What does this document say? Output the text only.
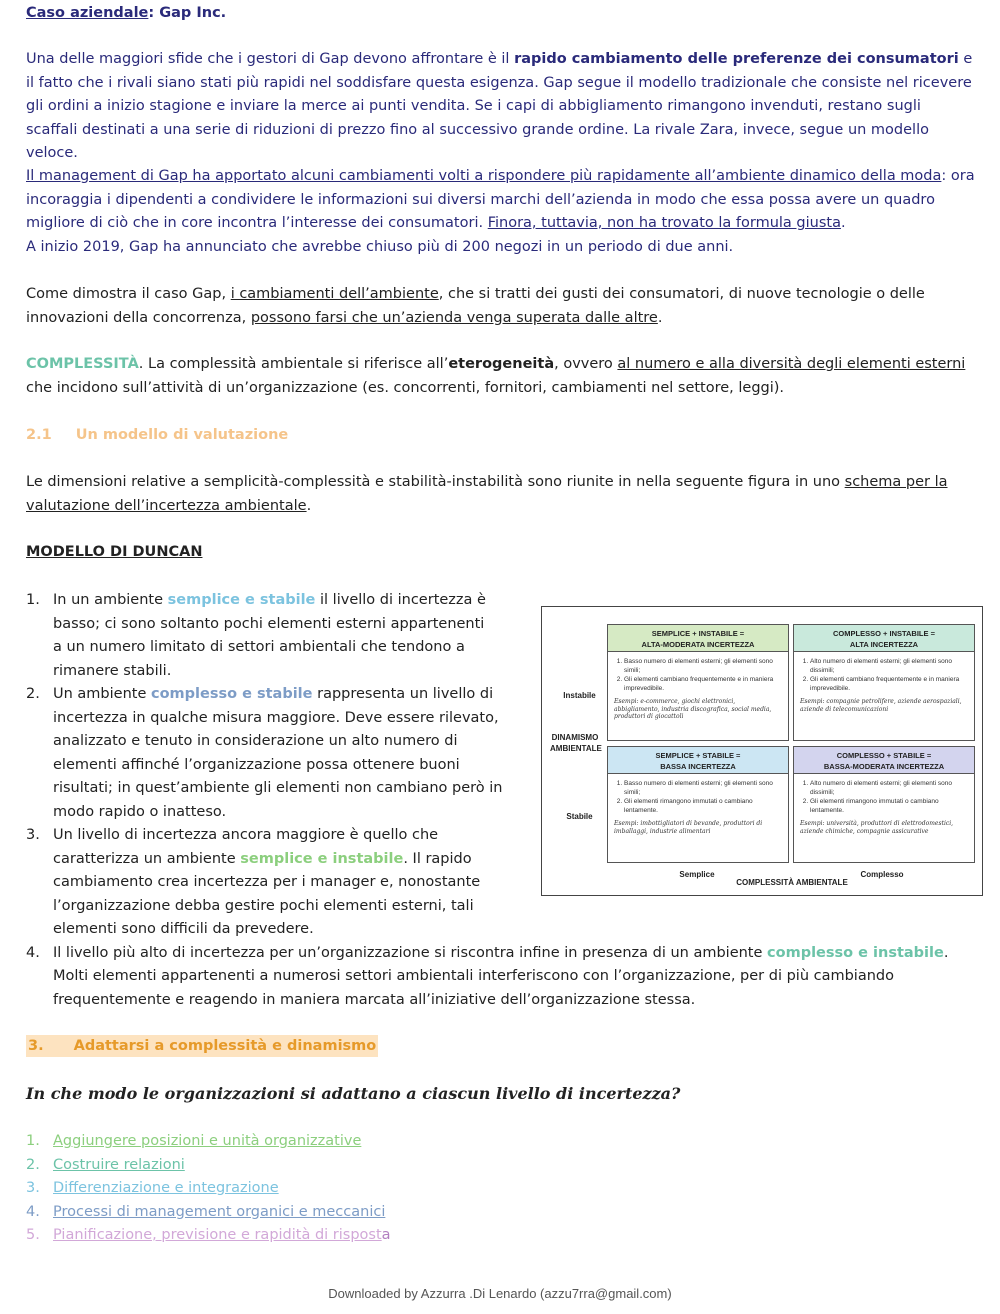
Caso aziendale: Gap Inc.

Una delle maggiori sfide che i gestori di Gap devono affrontare è il rapido cambiamento delle preferenze dei consumatori e il fatto che i rivali siano stati più rapidi nel soddisfare questa esigenza. Gap segue il modello tradizionale che consiste nel ricevere gli ordini a inizio stagione e inviare la merce ai punti vendita. Se i capi di abbigliamento rimangono invenduti, restano sugli scaffali destinati a una serie di riduzioni di prezzo fino al successivo grande ordine. La rivale Zara, invece, segue un modello veloce.

Il management di Gap ha apportato alcuni cambiamenti volti a rispondere più rapidamente all’ambiente dinamico della moda: ora incoraggia i dipendenti a condividere le informazioni sui diversi marchi dell’azienda in modo che essa possa avere un quadro migliore di ciò che in core incontra l’interesse dei consumatori. Finora, tuttavia, non ha trovato la formula giusta.

A inizio 2019, Gap ha annunciato che avrebbe chiuso più di 200 negozi in un periodo di due anni.

Come dimostra il caso Gap, i cambiamenti dell’ambiente, che si tratti dei gusti dei consumatori, di nuove tecnologie o delle innovazioni della concorrenza, possono farsi che un’azienda venga superata dalle altre.

COMPLESSITÀ. La complessità ambientale si riferisce all’eterogeneità, ovvero al numero e alla diversità degli elementi esterni che incidono sull’attività di un’organizzazione (es. concorrenti, fornitori, cambiamenti nel settore, leggi).

2.1 Un modello di valutazione

Le dimensioni relative a semplicità-complessità e stabilità-instabilità sono riunite in nella seguente figura in uno schema per la valutazione dell’incertezza ambientale.

MODELLO DI DUNCAN

1. In un ambiente semplice e stabile il livello di incertezza è basso; ci sono soltanto pochi elementi esterni appartenenti a un numero limitato di settori ambientali che tendono a rimanere stabili.
2. Un ambiente complesso e stabile rappresenta un livello di incertezza in qualche misura maggiore. Deve essere rilevato, analizzato e tenuto in considerazione un alto numero di elementi affinché l’organizzazione possa ottenere buoni risultati; in quest’ambiente gli elementi non cambiano però in modo rapido o inatteso.
3. Un livello di incertezza ancora maggiore è quello che caratterizza un ambiente semplice e instabile. Il rapido cambiamento crea incertezza per i manager e, nonostante l’organizzazione debba gestire pochi elementi esterni, tali elementi sono difficili da prevedere.
4. Il livello più alto di incertezza per un’organizzazione si riscontra infine in presenza di un ambiente complesso e instabile. Molti elementi appartenenti a numerosi settori ambientali interferiscono con l’organizzazione, per di più cambiando frequentemente e reagendo in maniera marcata all’iniziative dell’organizzazione stessa.
3. Adattarsi a complessità e dinamismo

In che modo le organizzazioni si adattano a ciascun livello di incertezza?

1. Aggiungere posizioni e unità organizzative
2. Costruire relazioni
3. Differenziazione e integrazione
4. Processi di management organici e meccanici
5. Pianificazione, previsione e rapidità di risposta
Instabile
DINAMISMO AMBIENTALE
Stabile
SEMPLICE + INSTABILE =
ALTA-MODERATA INCERTEZZA
1. Basso numero di elementi esterni; gli elementi sono simili;
2. Gli elementi cambiano frequentemente e in maniera imprevedibile.
Esempi: e-commerce, giochi elettronici, abbigliamento, industria discografica, social media, produttori di giocattoli
COMPLESSO + INSTABILE =
ALTA INCERTEZZA
1. Alto numero di elementi esterni; gli elementi sono dissimili;
2. Gli elementi cambiano frequentemente e in maniera imprevedibile.
Esempi: compagnie petrolifere, aziende aerospaziali, aziende di telecomunicazioni
SEMPLICE + STABILE =
BASSA INCERTEZZA
1. Basso numero di elementi esterni; gli elementi sono simili;
2. Gli elementi rimangono immutati o cambiano lentamente.
Esempi: imbottigliatori di bevande, produttori di imballaggi, industrie alimentari
COMPLESSO + STABILE =
BASSA-MODERATA INCERTEZZA
1. Alto numero di elementi esterni; gli elementi sono dissimili;
2. Gli elementi rimangono immutati o cambiano lentamente.
Esempi: università, produttori di elettrodomestici, aziende chimiche, compagnie assicurative
Semplice	Complesso
COMPLESSITÀ AMBIENTALE
Downloaded by Azzurra .Di Lenardo (azzu7rra@gmail.com)
